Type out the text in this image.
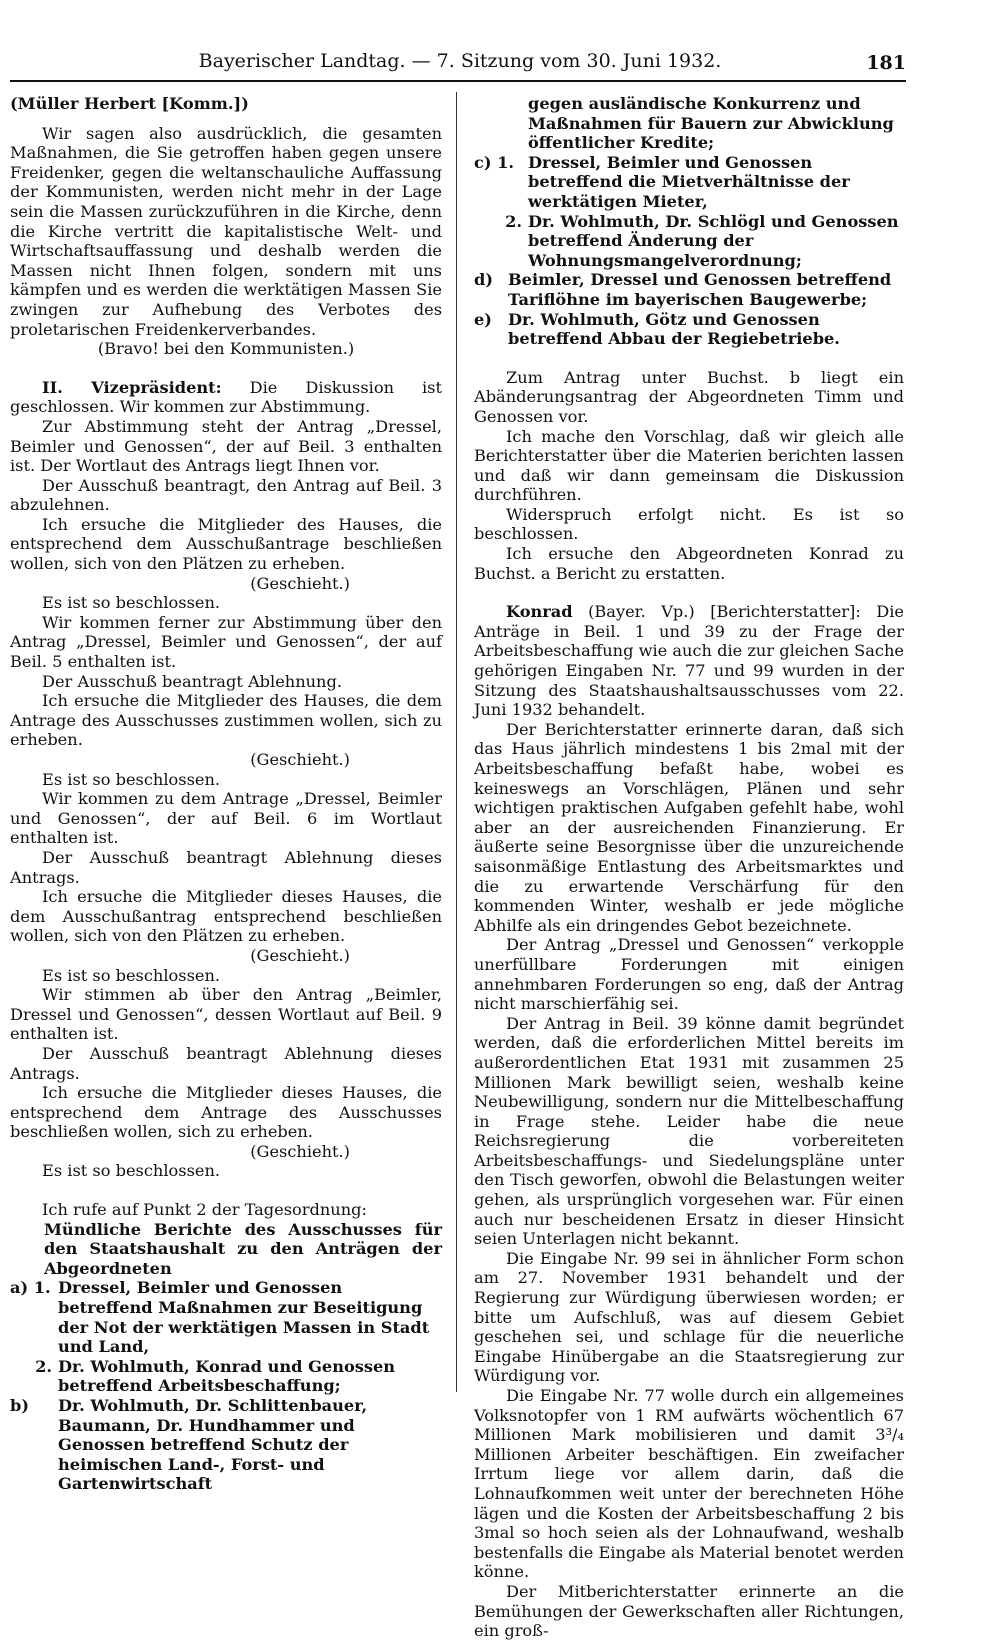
Bayerischer Landtag. — 7. Sitzung vom 30. Juni 1932.	181

(Müller Herbert [Komm.])

Wir sagen also ausdrücklich, die gesamten Maßnahmen, die Sie getroffen haben gegen unsere Freidenker, gegen die weltanschauliche Auffassung der Kommunisten, werden nicht mehr in der Lage sein die Massen zurückzuführen in die Kirche, denn die Kirche vertritt die kapitalistische Welt- und Wirtschaftsauffassung und deshalb werden die Massen nicht Ihnen folgen, sondern mit uns kämpfen und es werden die werktätigen Massen Sie zwingen zur Aufhebung des Verbotes des proletarischen Freidenkerverbandes.

(Bravo! bei den Kommunisten.)

II. Vizepräsident: Die Diskussion ist geschlossen. Wir kommen zur Abstimmung.

Zur Abstimmung steht der Antrag „Dressel, Beimler und Genossen“, der auf Beil. 3 enthalten ist. Der Wortlaut des Antrags liegt Ihnen vor.

Der Ausschuß beantragt, den Antrag auf Beil. 3 abzulehnen.

Ich ersuche die Mitglieder des Hauses, die entsprechend dem Ausschußantrage beschließen wollen, sich von den Plätzen zu erheben.

(Geschieht.)

Es ist so beschlossen.

Wir kommen ferner zur Abstimmung über den Antrag „Dressel, Beimler und Genossen“, der auf Beil. 5 enthalten ist.

Der Ausschuß beantragt Ablehnung.

Ich ersuche die Mitglieder des Hauses, die dem Antrage des Ausschusses zustimmen wollen, sich zu erheben.

(Geschieht.)

Es ist so beschlossen.

Wir kommen zu dem Antrage „Dressel, Beimler und Genossen“, der auf Beil. 6 im Wortlaut enthalten ist.

Der Ausschuß beantragt Ablehnung dieses Antrags.

Ich ersuche die Mitglieder dieses Hauses, die dem Ausschußantrag entsprechend beschließen wollen, sich von den Plätzen zu erheben.

(Geschieht.)

Es ist so beschlossen.

Wir stimmen ab über den Antrag „Beimler, Dressel und Genossen“, dessen Wortlaut auf Beil. 9 enthalten ist.

Der Ausschuß beantragt Ablehnung dieses Antrags.

Ich ersuche die Mitglieder dieses Hauses, die entsprechend dem Antrage des Ausschusses beschließen wollen, sich zu erheben.

(Geschieht.)

Es ist so beschlossen.

Ich rufe auf Punkt 2 der Tagesordnung:

Mündliche Berichte des Ausschusses für den Staatshaushalt zu den Anträgen der Abgeordneten

a) 1. Dressel, Beimler und Genossen betreffend Maßnahmen zur Beseitigung der Not der werktätigen Massen in Stadt und Land,
2. Dr. Wohlmuth, Konrad und Genossen betreffend Arbeitsbeschaffung;
b)	Dr. Wohlmuth, Dr. Schlittenbauer, Baumann, Dr. Hundhammer und Genossen betreffend Schutz der heimischen Land-, Forst- und Gartenwirtschaft

gegen ausländische Konkurrenz und Maßnahmen für Bauern zur Abwicklung öffentlicher Kredite;

c) 1. Dressel, Beimler und Genossen betreffend die Mietverhältnisse der werktätigen Mieter,
2. Dr. Wohlmuth, Dr. Schlögl und Genossen betreffend Änderung der Wohnungsmangelverordnung;
d) Beimler, Dressel und Genossen betreffend Tariflöhne im bayerischen Baugewerbe;
e) Dr. Wohlmuth, Götz und Genossen betreffend Abbau der Regiebetriebe.

Zum Antrag unter Buchst. b liegt ein Abänderungsantrag der Abgeordneten Timm und Genossen vor.

Ich mache den Vorschlag, daß wir gleich alle Berichterstatter über die Materien berichten lassen und daß wir dann gemeinsam die Diskussion durchführen.

Widerspruch erfolgt nicht. Es ist so beschlossen.

Ich ersuche den Abgeordneten Konrad zu Buchst. a Bericht zu erstatten.

Konrad (Bayer. Vp.) [Berichterstatter]: Die Anträge in Beil. 1 und 39 zu der Frage der Arbeitsbeschaffung wie auch die zur gleichen Sache gehörigen Eingaben Nr. 77 und 99 wurden in der Sitzung des Staatshaushaltsausschusses vom 22. Juni 1932 behandelt.

Der Berichterstatter erinnerte daran, daß sich das Haus jährlich mindestens 1 bis 2mal mit der Arbeitsbeschaffung befaßt habe, wobei es keineswegs an Vorschlägen, Plänen und sehr wichtigen praktischen Aufgaben gefehlt habe, wohl aber an der ausreichenden Finanzierung. Er äußerte seine Besorgnisse über die unzureichende saisonmäßige Entlastung des Arbeitsmarktes und die zu erwartende Verschärfung für den kommenden Winter, weshalb er jede mögliche Abhilfe als ein dringendes Gebot bezeichnete.

Der Antrag „Dressel und Genossen“ verkopple unerfüllbare Forderungen mit einigen annehmbaren Forderungen so eng, daß der Antrag nicht marschierfähig sei.

Der Antrag in Beil. 39 könne damit begründet werden, daß die erforderlichen Mittel bereits im außerordentlichen Etat 1931 mit zusammen 25 Millionen Mark bewilligt seien, weshalb keine Neubewilligung, sondern nur die Mittelbeschaffung in Frage stehe. Leider habe die neue Reichsregierung die vorbereiteten Arbeitsbeschaffungs- und Siedelungspläne unter den Tisch geworfen, obwohl die Belastungen weiter gehen, als ursprünglich vorgesehen war. Für einen auch nur bescheidenen Ersatz in dieser Hinsicht seien Unterlagen nicht bekannt.

Die Eingabe Nr. 99 sei in ähnlicher Form schon am 27. November 1931 behandelt und der Regierung zur Würdigung überwiesen worden; er bitte um Aufschluß, was auf diesem Gebiet geschehen sei, und schlage für die neuerliche Eingabe Hinübergabe an die Staatsregierung zur Würdigung vor.

Die Eingabe Nr. 77 wolle durch ein allgemeines Volksnotopfer von 1 RM aufwärts wöchentlich 67 Millionen Mark mobilisieren und damit 3³/₄ Millionen Arbeiter beschäftigen. Ein zweifacher Irrtum liege vor allem darin, daß die Lohnaufkommen weit unter der berechneten Höhe lägen und die Kosten der Arbeitsbeschaffung 2 bis 3mal so hoch seien als der Lohnaufwand, weshalb bestenfalls die Eingabe als Material benotet werden könne.

Der Mitberichterstatter erinnerte an die Bemühungen der Gewerkschaften aller Richtungen, ein groß-
